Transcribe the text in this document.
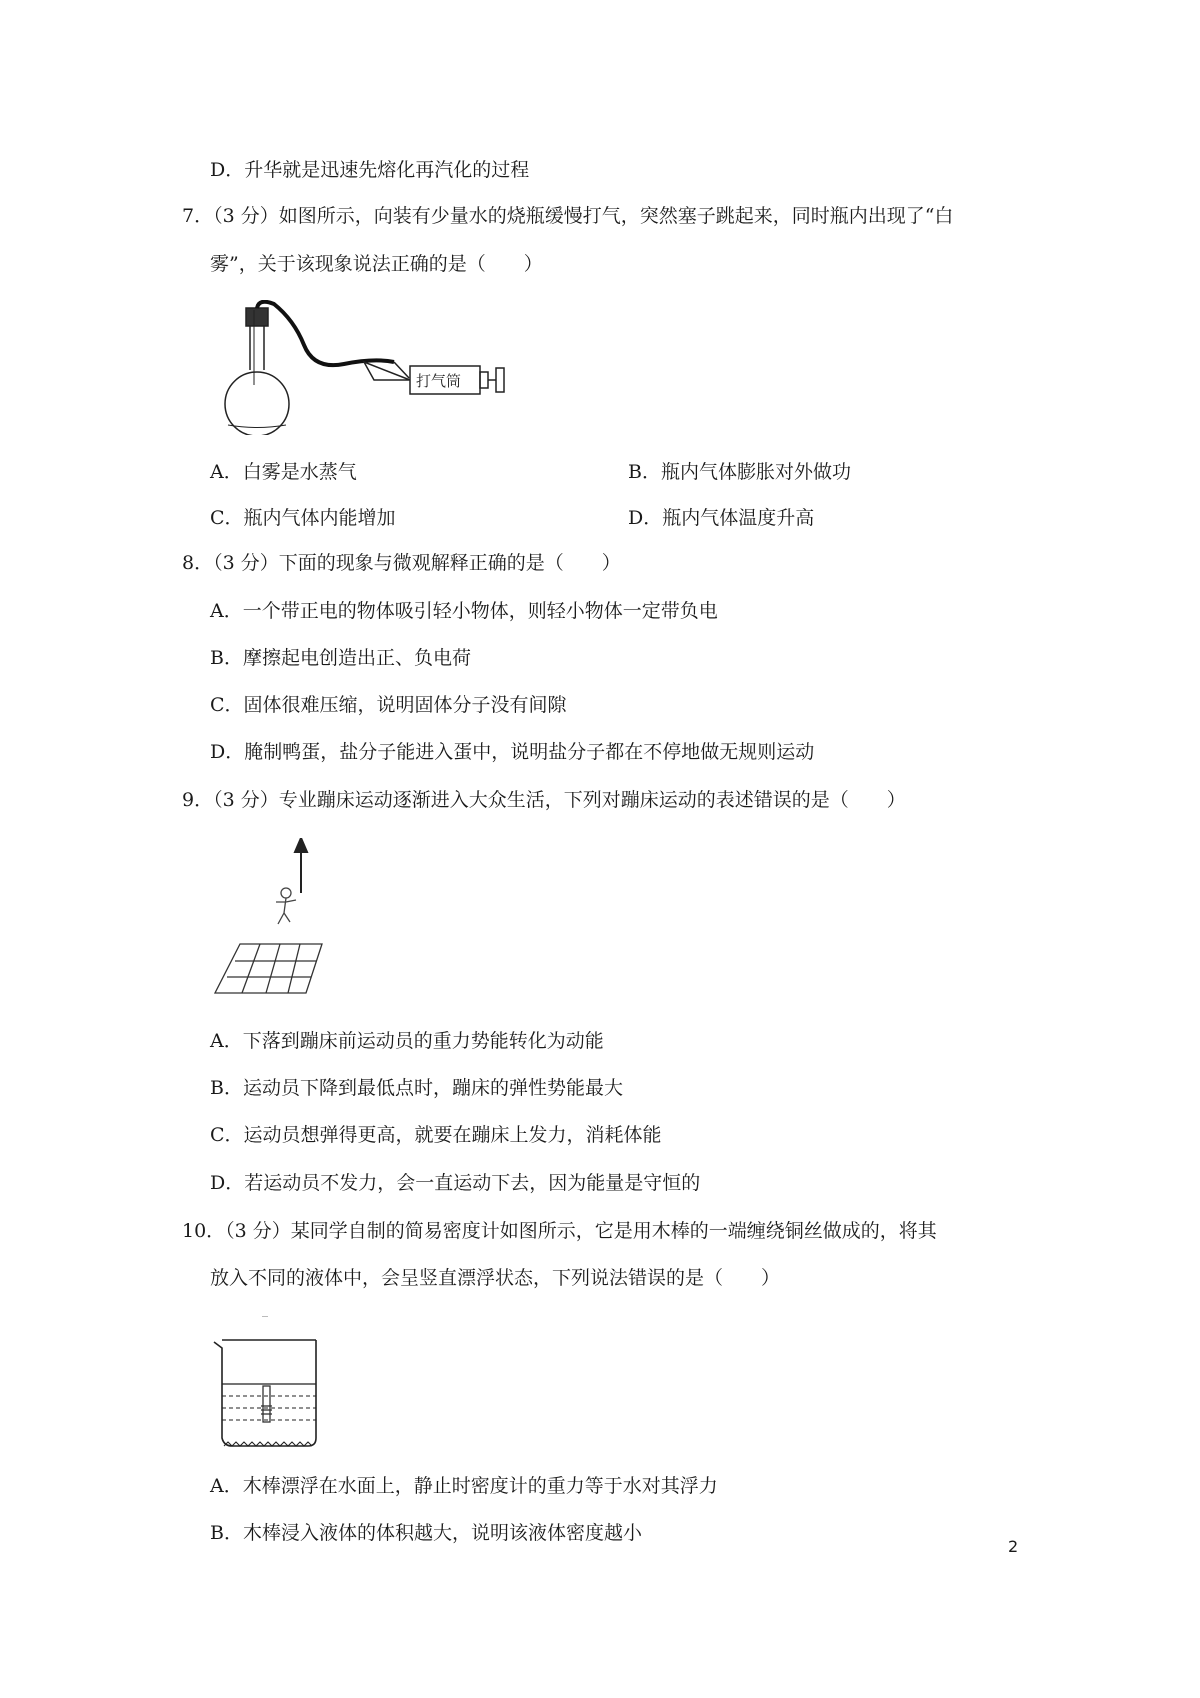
D．升华就是迅速先熔化再汽化的过程
7．（3 分）如图所示，向装有少量水的烧瓶缓慢打气，突然塞子跳起来，同时瓶内出现了“白
雾”，关于该现象说法正确的是（　　）
打气筒
A．白雾是水蒸气	B．瓶内气体膨胀对外做功
C．瓶内气体内能增加	D．瓶内气体温度升高
8．（3 分）下面的现象与微观解释正确的是（　　）
A．一个带正电的物体吸引轻小物体，则轻小物体一定带负电
B．摩擦起电创造出正、负电荷
C．固体很难压缩，说明固体分子没有间隙
D．腌制鸭蛋，盐分子能进入蛋中，说明盐分子都在不停地做无规则运动
9．（3 分）专业蹦床运动逐渐进入大众生活，下列对蹦床运动的表述错误的是（　　）
A．下落到蹦床前运动员的重力势能转化为动能
B．运动员下降到最低点时，蹦床的弹性势能最大
C．运动员想弹得更高，就要在蹦床上发力，消耗体能
D．若运动员不发力，会一直运动下去，因为能量是守恒的
10．（3 分）某同学自制的简易密度计如图所示，它是用木棒的一端缠绕铜丝做成的，将其
放入不同的液体中，会呈竖直漂浮状态，下列说法错误的是（　　）
A．木棒漂浮在水面上，静止时密度计的重力等于水对其浮力
B．木棒浸入液体的体积越大，说明该液体密度越小
2
